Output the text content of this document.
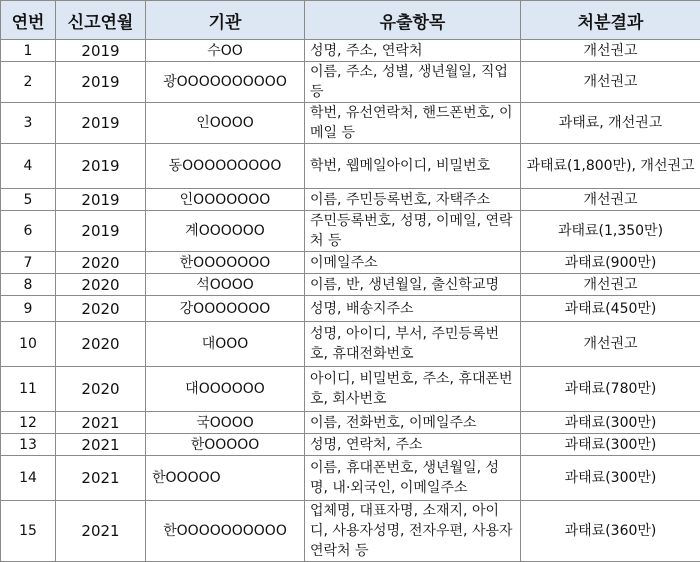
연번	신고연월	기관	유출항목	처분결과
1	2019	수OO	성명, 주소, 연락처	개선권고
2	2019	광OOOOOOOOOO	이름, 주소, 성별, 생년월일, 직업 등	개선권고
3	2019	인OOOO	학번, 유선연락처, 핸드폰번호, 이메일 등	과태료, 개선권고
4	2019	동OOOOOOOOO	학번, 웹메일아이디, 비밀번호	과태료(1,800만), 개선권고
5	2019	인OOOOOOO	이름, 주민등록번호, 자택주소	개선권고
6	2019	계OOOOOO	주민등록번호, 성명, 이메일, 연락처 등	과태료(1,350만)
7	2020	한OOOOOOO	이메일주소	과태료(900만)
8	2020	석OOOO	이름, 반, 생년월일, 출신학교명	개선권고
9	2020	강OOOOOOO	성명, 배송지주소	과태료(450만)
10	2020	대OOO	성명, 아이디, 부서, 주민등록번호, 휴대전화번호	개선권고
11	2020	대OOOOOO	아이디, 비밀번호, 주소, 휴대폰번호, 회사번호	과태료(780만)
12	2021	국OOOO	이름, 전화번호, 이메일주소	과태료(300만)
13	2021	한OOOOO	성명, 연락처, 주소	과태료(300만)
14	2021	한OOOOO	이름, 휴대폰번호, 생년월일, 성명, 내·외국인, 이메일주소	과태료(300만)
15	2021	한OOOOOOOOOO	업체명, 대표자명, 소재지, 아이디, 사용자성명, 전자우편, 사용자연락처 등	과태료(360만)
